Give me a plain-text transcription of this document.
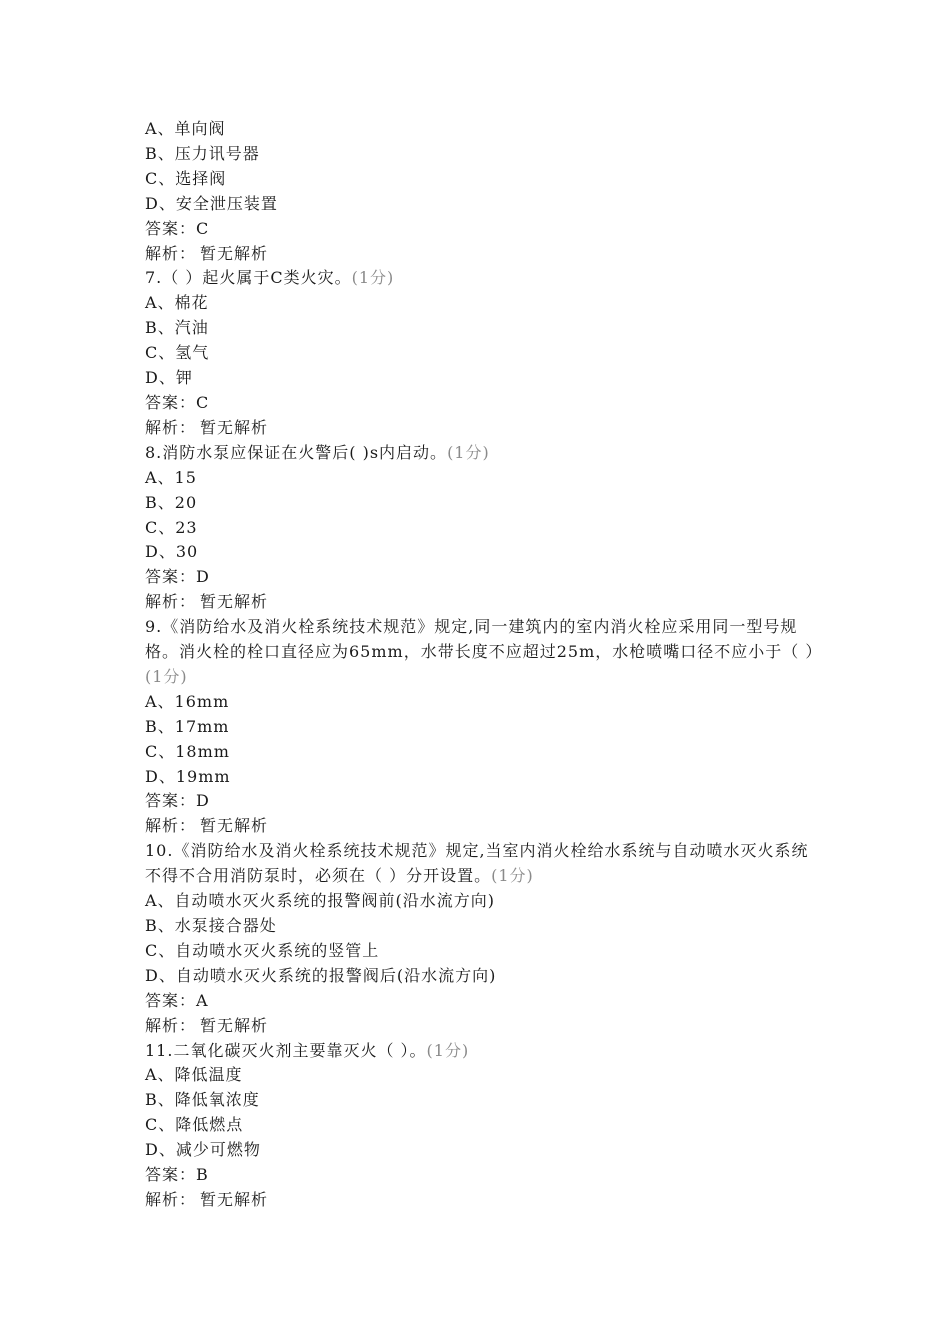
A、单向阀
B、压力讯号器
C、选择阀
D、安全泄压装置
答案：C
解析： 暂无解析
7.（ ）起火属于C类火灾。(1分)
A、棉花
B、汽油
C、氢气
D、钾
答案：C
解析： 暂无解析
8.消防水泵应保证在火警后( )s内启动。(1分)
A、15
B、20
C、23
D、30
答案：D
解析： 暂无解析
9.《消防给水及消火栓系统技术规范》规定,同一建筑内的室内消火栓应采用同一型号规格。消火栓的栓口直径应为65mm，水带长度不应超过25m，水枪喷嘴口径不应小于（ ）(1分)
A、16mm
B、17mm
C、18mm
D、19mm
答案：D
解析： 暂无解析
10.《消防给水及消火栓系统技术规范》规定,当室内消火栓给水系统与自动喷水灭火系统不得不合用消防泵时，必须在（ ）分开设置。(1分)
A、自动喷水灭火系统的报警阀前(沿水流方向)
B、水泵接合器处
C、自动喷水灭火系统的竖管上
D、自动喷水灭火系统的报警阀后(沿水流方向)
答案：A
解析： 暂无解析
11.二氧化碳灭火剂主要靠灭火（ ）。(1分)
A、降低温度
B、降低氧浓度
C、降低燃点
D、减少可燃物
答案：B
解析： 暂无解析
